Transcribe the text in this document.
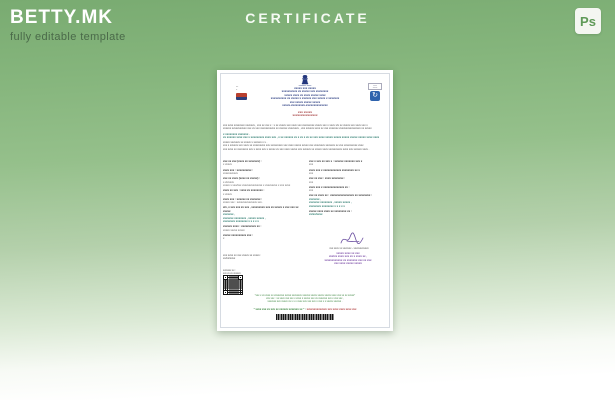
BETTY.MK
fully editable template
CERTIFICATE	Ps
xx
x.
xxxxxxx xxxx	xxxx
xxxxx
↻
xxxxx xxx xxxxx
xxxxxxxxxx xx xxxxx xxx xxxxxxxx
xxxxx xxxx xx xxxx xxxxx xxxx
xxxxxxxxxx xx xxxxx x xxxxxx xxx xxxxx x xxxxxxx
xxx xxxxx xxxxx xxxxx
xxxxx-xxxxxxxxx-xxxxxxxxxxxxxx
xxx xxxxx
xxxxxxxxxxxxxxx
xxx xxxx xxxxxxxx xxxxxxx , xxx xx xxx x : x xx xxxxx xxx xxxx xxx xxxxxxxxx xxxxx xxx x xxxx x/x xx xxxxx xxx xxxx xxx x
xxxxxx xxxxxxxxxxx xxx xx xxx xxxxxxxxxxx xx xxxxxx xxxxxxxx , xxx xxxxxx xxxx xx xxx xxxxxxx xxxxxxxxxxxxxxxx xx xxxxx
x xxxxxxxx xxxxxxx .
xx xxxxxx xxxx xxx x xxxxxxxxx xxxx xxx , x xx xxxxxx xx x xx x xx xx xxx xxxx xxxxx xxxxx xxxxx xxxxx xxxxx xxxx xxxx
xxxxx xxxxxxx xx xxxxx x xxxxxx x x .
xxx x xxxxxx xxx xxxx xx xxxxxxxxx xxx xxxxxxxxx xxx xxxx xxxxx xxxxx xxx xxxxxxxx xxxxxxx xx xxx xxxxxxxxxx xxxx
xxx xxxx xx xxxxxxxx xxx x xxxx xxx x xxxxx xx xxx xxxx xxxxx xxx xxxxxx xx xxxxx xxxx xxxxxxxxxx xxxx xxx xxxxxx xxxx .
xxx xx xxx (xxxx xx xxxxxxx) :
x xxxxx
xxxx xxx : xxxxxxxxxx :
xxxxxxxxxxx
xxx xx xxxx (xxxx xx xxxxx) :
x.x/xxxxx
xxxxx x xxx/xxx xxxxxxxxxxxxxxx x xxxxxxxxx x xxx xxxx
xxxx xx xxx : xxxx xx xxxxxxxx :
x xxxxx
xxxx xxx : xxxxxx xx xxxxxxx :
xxxxx xxx : xxxxxxxxxxxxxxx xxx .
x/x, x xxx xxx xx xxx , xxxxxxxxx xxx xx xxxxx x xxx xxx xx xxxxx
xxxxxxx ,
xxxxxxx xxxxxxxx , xxxxx xxxxx ,
xxxxxxxx xxxxxxxx x x x x x
xxxxxx xxxx : xxxxxxxxxx xx :
xxxxx xxxxx xxxxx
xxxxx xxxxxxxxxx xxx :
x
xxx x xxx xx xxx x : xxxxxx xxxxxxx xxx x
xxx
xxxx xxx x xxxxxxxxxxxx xxxxxxxx xx x
xxx
xxx xx xxx : xxxx xxxxxxxx :
xxx
xxxx xxx x xxxxxxxxxxxxxx xx :
xxx
xxx xx xxxx xx : xxxxxxxxxxxxxxxx xx xxxxxxxx :
xxxxxxx ,
xxxxxxx xxxxxxxx , xxxxx xxxxx ,
xxxxxxxx xxxxxxxx x x x x x
xxxxx xxxx xxxx xx xxxxxxxx xx :
xx/xx/xxxx
xxx xxxx xx xxxxxxx - xxxxxxxxxxxx
xxxxx xxxx xx xxx
xxx/xx xxxx xxx xx x xxxx xx ,
xxxxxxxxxxxx xx xxxxxxx xxx xx xxx
xxx xxxx xxxxx xxxxx
xxx xxxx xx xxx xxxxx xx xxxxx :
xx/xx/xxxx
xxxxxxx xx :
xxx xx xx xxxxxx
"xxx x xx xxxx xx xxxxxxxx xxxxx xxxxxxxx xxxxxx xxxxx xxxxx xxxxx xxxx xxx xx xx xxxxx"
xxx xxx : xx xxxx xxx xxx x xxxx x xxxxx xxx xx xxxxxxx xxx x xxx xxx ,
xxxxxxx xxx xxxxx xx x x x xxxx xxx xxx xxx x xxx x x xxxxx xxxxxx .
" xxxx xxx xx xxx xx xxxxxx xxxxxxx xx " : xxxxxxxxxxxxxx xxx xxxx xxxx xxxx xxx
